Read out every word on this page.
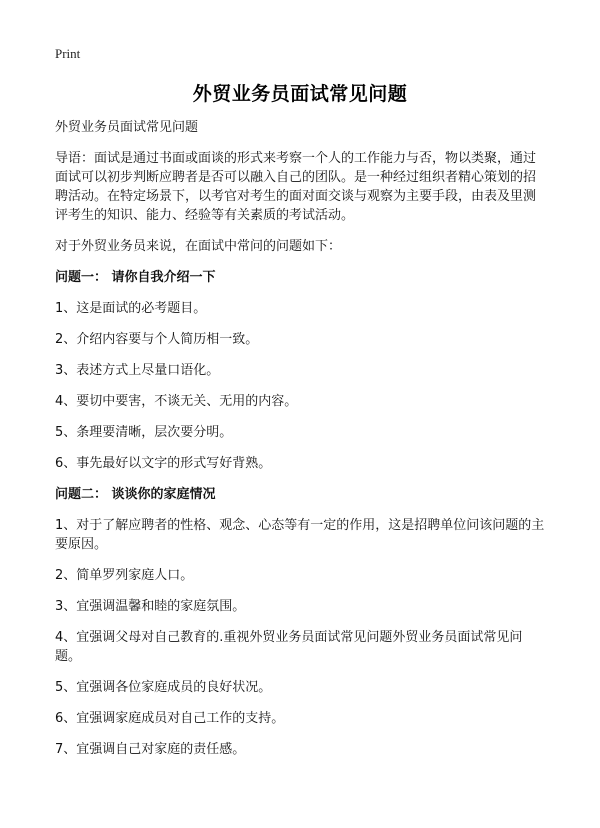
Print
外贸业务员面试常见问题

外贸业务员面试常见问题

导语：面试是通过书面或面谈的形式来考察一个人的工作能力与否，物以类聚，通过面试可以初步判断应聘者是否可以融入自己的团队。是一种经过组织者精心策划的招聘活动。在特定场景下，以考官对考生的面对面交谈与观察为主要手段，由表及里测评考生的知识、能力、经验等有关素质的考试活动。

对于外贸业务员来说，在面试中常问的问题如下：

问题一： 请你自我介绍一下

1、这是面试的必考题目。

2、介绍内容要与个人简历相一致。

3、表述方式上尽量口语化。

4、要切中要害，不谈无关、无用的内容。

5、条理要清晰，层次要分明。

6、事先最好以文字的形式写好背熟。

问题二： 谈谈你的家庭情况

1、对于了解应聘者的性格、观念、心态等有一定的作用，这是招聘单位问该问题的主要原因。

2、简单罗列家庭人口。

3、宜强调温馨和睦的家庭氛围。

4、宜强调父母对自己教育的.重视外贸业务员面试常见问题外贸业务员面试常见问题。

5、宜强调各位家庭成员的良好状况。

6、宜强调家庭成员对自己工作的支持。

7、宜强调自己对家庭的责任感。
